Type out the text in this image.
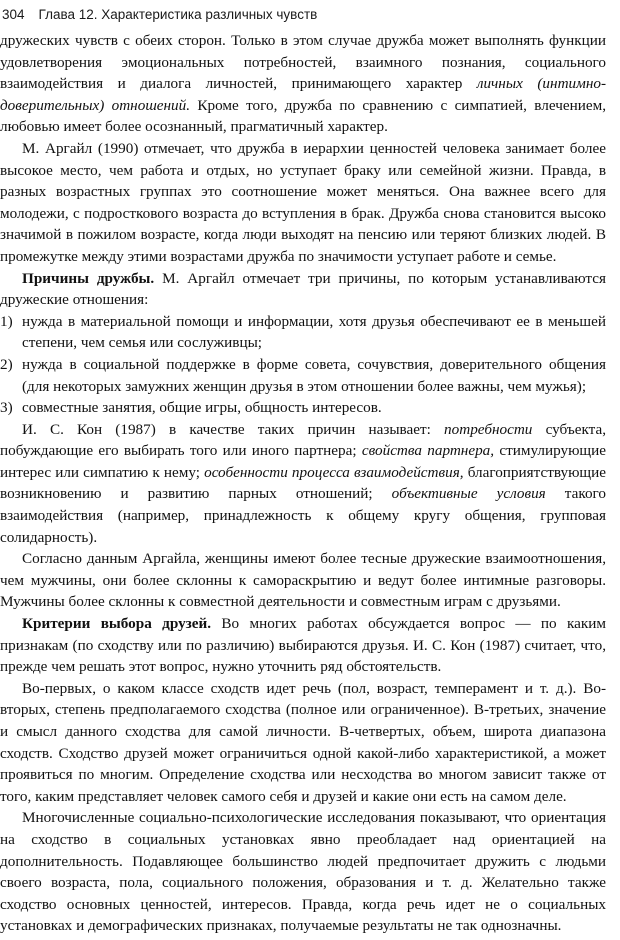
304 Глава 12. Характеристика различных чувств

дружеских чувств с обеих сторон. Только в этом случае дружба может выполнять функции удовлетворения эмоциональных потребностей, взаимного познания, социального взаимодействия и диалога личностей, принимающего характер личных (интимно-доверительных) отношений. Кроме того, дружба по сравнению с симпатией, влечением, любовью имеет более осознанный, прагматичный характер.

М. Аргайл (1990) отмечает, что дружба в иерархии ценностей человека занимает более высокое место, чем работа и отдых, но уступает браку или семейной жизни. Правда, в разных возрастных группах это соотношение может меняться. Она важнее всего для молодежи, с подросткового возраста до вступления в брак. Дружба снова становится высоко значимой в пожилом возрасте, когда люди выходят на пенсию или теряют близких людей. В промежутке между этими возрастами дружба по значимости уступает работе и семье.

Причины дружбы. М. Аргайл отмечает три причины, по которым устанавливаются дружеские отношения:

1) нужда в материальной помощи и информации, хотя друзья обеспечивают ее в меньшей степени, чем семья или сослуживцы;
2) нужда в социальной поддержке в форме совета, сочувствия, доверительного общения (для некоторых замужних женщин друзья в этом отношении более важны, чем мужья);
3) совместные занятия, общие игры, общность интересов.

И. С. Кон (1987) в качестве таких причин называет: потребности субъекта, побуждающие его выбирать того или иного партнера; свойства партнера, стимулирующие интерес или симпатию к нему; особенности процесса взаимодействия, благоприятствующие возникновению и развитию парных отношений; объективные условия такого взаимодействия (например, принадлежность к общему кругу общения, групповая солидарность).

Согласно данным Аргайла, женщины имеют более тесные дружеские взаимоотношения, чем мужчины, они более склонны к самораскрытию и ведут более интимные разговоры. Мужчины более склонны к совместной деятельности и совместным играм с друзьями.

Критерии выбора друзей. Во многих работах обсуждается вопрос — по каким признакам (по сходству или по различию) выбираются друзья. И. С. Кон (1987) считает, что, прежде чем решать этот вопрос, нужно уточнить ряд обстоятельств.

Во-первых, о каком классе сходств идет речь (пол, возраст, темперамент и т. д.). Во-вторых, степень предполагаемого сходства (полное или ограниченное). В-третьих, значение и смысл данного сходства для самой личности. В-четвертых, объем, широта диапазона сходств. Сходство друзей может ограничиться одной какой-либо характеристикой, а может проявиться по многим. Определение сходства или несходства во многом зависит также от того, каким представляет человек самого себя и друзей и какие они есть на самом деле.

Многочисленные социально-психологические исследования показывают, что ориентация на сходство в социальных установках явно преобладает над ориентацией на дополнительность. Подавляющее большинство людей предпочитает дружить с людьми своего возраста, пола, социального положения, образования и т. д. Желательно также сходство основных ценностей, интересов. Правда, когда речь идет не о социальных установках и демографических признаках, получаемые результаты не так однозначны.
